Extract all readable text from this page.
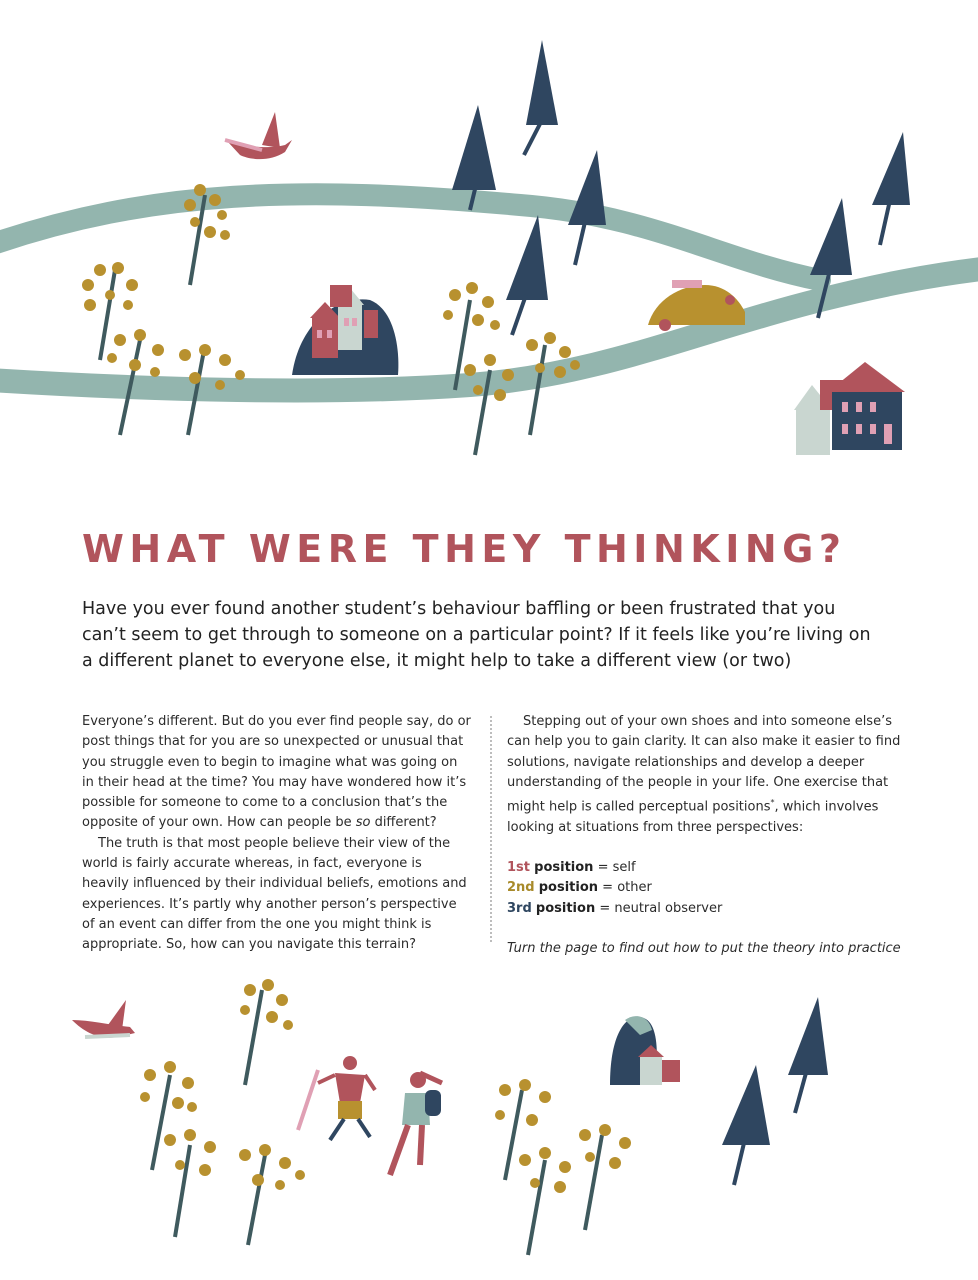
WHAT WERE THEY THINKING?

Have you ever found another student’s behaviour baffling or been frustrated that you can’t seem to get through to someone on a particular point? If it feels like you’re living on a different planet to everyone else, it might help to take a different view (or two)

Everyone’s different. But do you ever find people say, do or post things that for you are so unexpected or unusual that you struggle even to begin to imagine what was going on in their head at the time? You may have wondered how it’s possible for someone to come to a conclusion that’s the opposite of your own. How can people be so different?

The truth is that most people believe their view of the world is fairly accurate whereas, in fact, everyone is heavily influenced by their individual beliefs, emotions and experiences. It’s partly why another person’s perspective of an event can differ from the one you might think is appropriate. So, how can you navigate this terrain?

Stepping out of your own shoes and into someone else’s can help you to gain clarity. It can also make it easier to find solutions, navigate relationships and develop a deeper understanding of the people in your life. One exercise that might help is called perceptual positions*, which involves looking at situations from three perspectives:

1st position = self

2nd position = other

3rd position = neutral observer

Turn the page to find out how to put the theory into practice
